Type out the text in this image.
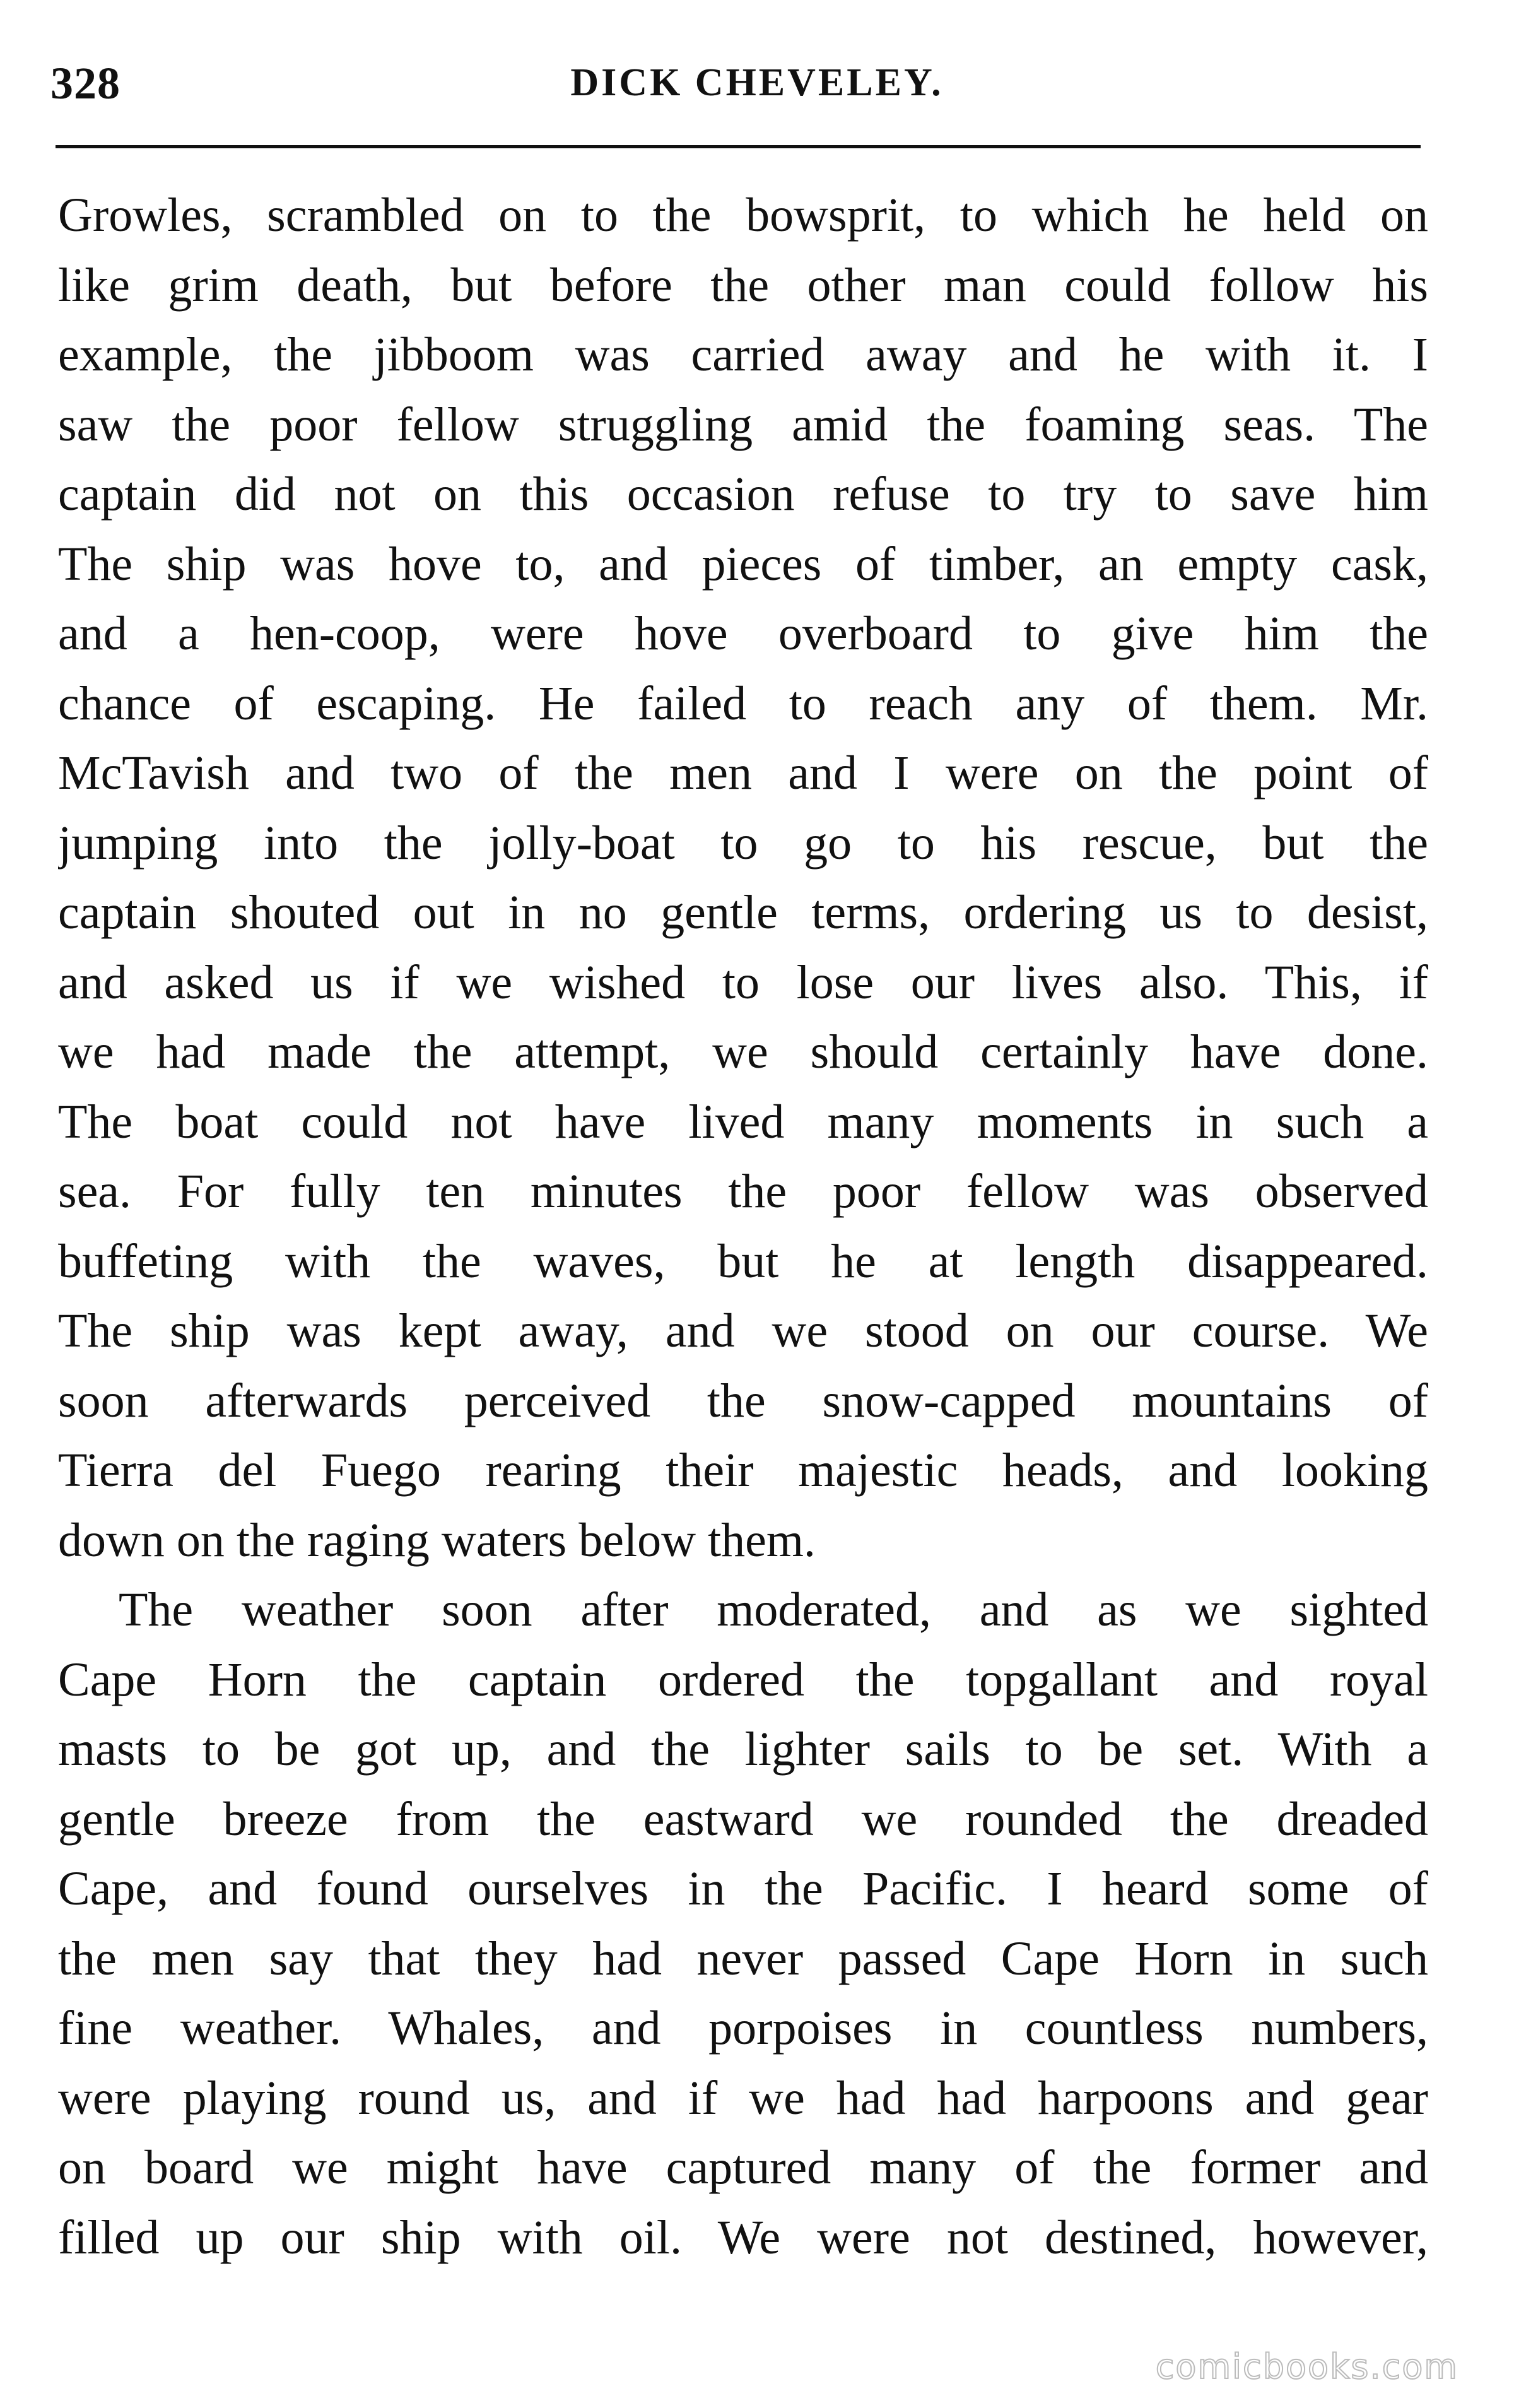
328	DICK CHEVELEY.
Growles, scrambled on to the bowsprit, to which he held on
like grim death, but before the other man could follow his
example, the jibboom was carried away and he with it. I
saw the poor fellow struggling amid the foaming seas. The
captain did not on this occasion refuse to try to save him
The ship was hove to, and pieces of timber, an empty cask,
and a hen-coop, were hove overboard to give him the
chance of escaping. He failed to reach any of them. Mr.
McTavish and two of the men and I were on the point of
jumping into the jolly-boat to go to his rescue, but the
captain shouted out in no gentle terms, ordering us to desist,
and asked us if we wished to lose our lives also. This, if
we had made the attempt, we should certainly have done.
The boat could not have lived many moments in such a
sea. For fully ten minutes the poor fellow was observed
buffeting with the waves, but he at length disappeared.
The ship was kept away, and we stood on our course. We
soon afterwards perceived the snow-capped mountains of
Tierra del Fuego rearing their majestic heads, and looking
down on the raging waters below them.
The weather soon after moderated, and as we sighted
Cape Horn the captain ordered the topgallant and royal
masts to be got up, and the lighter sails to be set. With a
gentle breeze from the eastward we rounded the dreaded
Cape, and found ourselves in the Pacific. I heard some of
the men say that they had never passed Cape Horn in such
fine weather. Whales, and porpoises in countless numbers,
were playing round us, and if we had had harpoons and gear
on board we might have captured many of the former and
filled up our ship with oil. We were not destined, however,
comicbooks.com
